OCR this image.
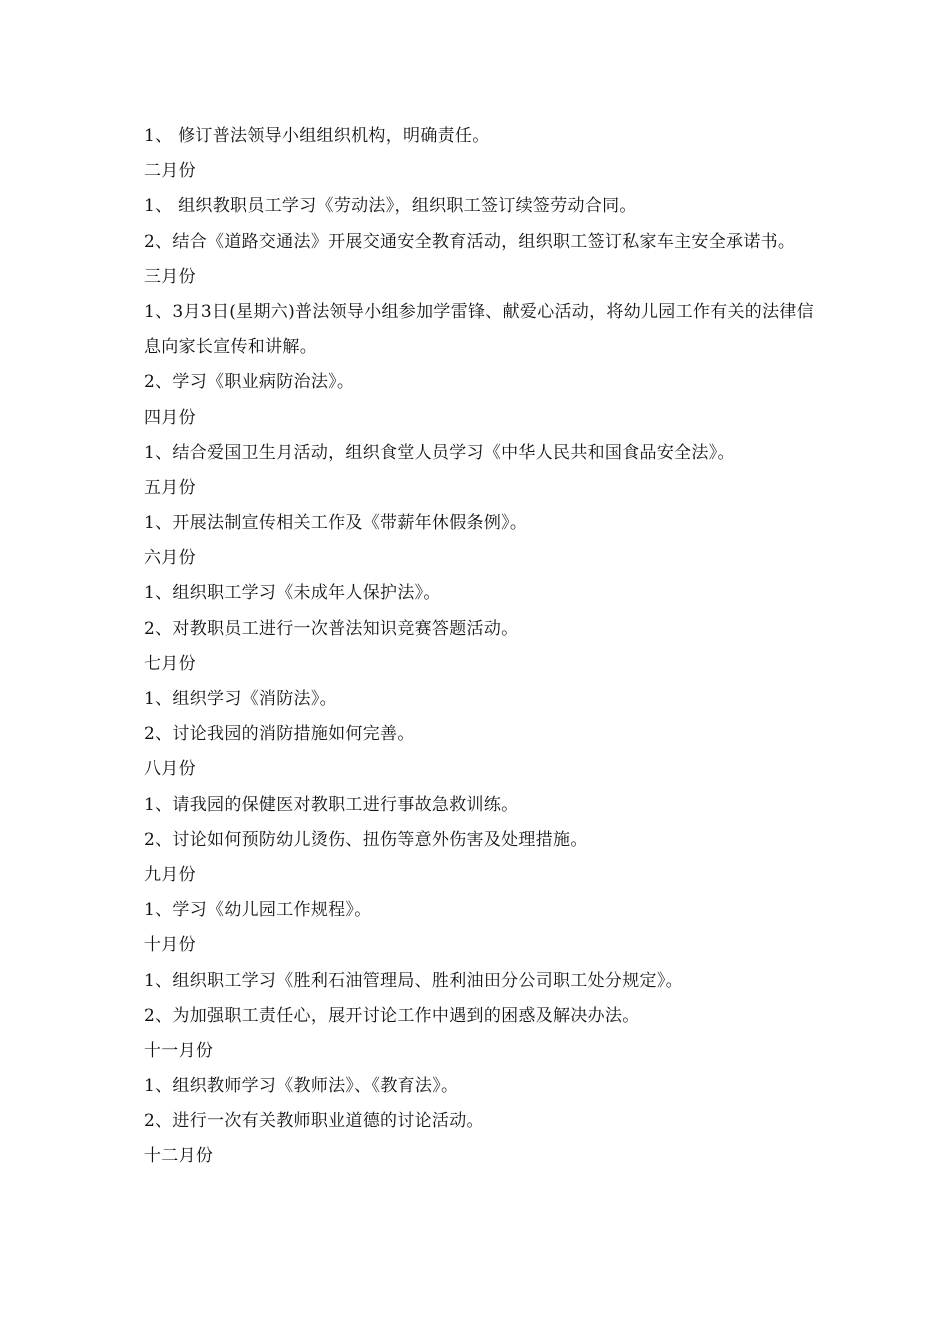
1、 修订普法领导小组组织机构，明确责任。
二月份
1、 组织教职员工学习《劳动法》，组织职工签订续签劳动合同。
2、结合《道路交通法》开展交通安全教育活动，组织职工签订私家车主安全承诺书。
三月份
1、3月3日(星期六)普法领导小组参加学雷锋、献爱心活动，将幼儿园工作有关的法律信息向家长宣传和讲解。
2、学习《职业病防治法》。
四月份
1、结合爱国卫生月活动，组织食堂人员学习《中华人民共和国食品安全法》。
五月份
1、开展法制宣传相关工作及《带薪年休假条例》。
六月份
1、组织职工学习《未成年人保护法》。
2、对教职员工进行一次普法知识竞赛答题活动。
七月份
1、组织学习《消防法》。
2、讨论我园的消防措施如何完善。
八月份
1、请我园的保健医对教职工进行事故急救训练。
2、讨论如何预防幼儿烫伤、扭伤等意外伤害及处理措施。
九月份
1、学习《幼儿园工作规程》。
十月份
1、组织职工学习《胜利石油管理局、胜利油田分公司职工处分规定》。
2、为加强职工责任心，展开讨论工作中遇到的困惑及解决办法。
十一月份
1、组织教师学习《教师法》、《教育法》。
2、进行一次有关教师职业道德的讨论活动。
十二月份
